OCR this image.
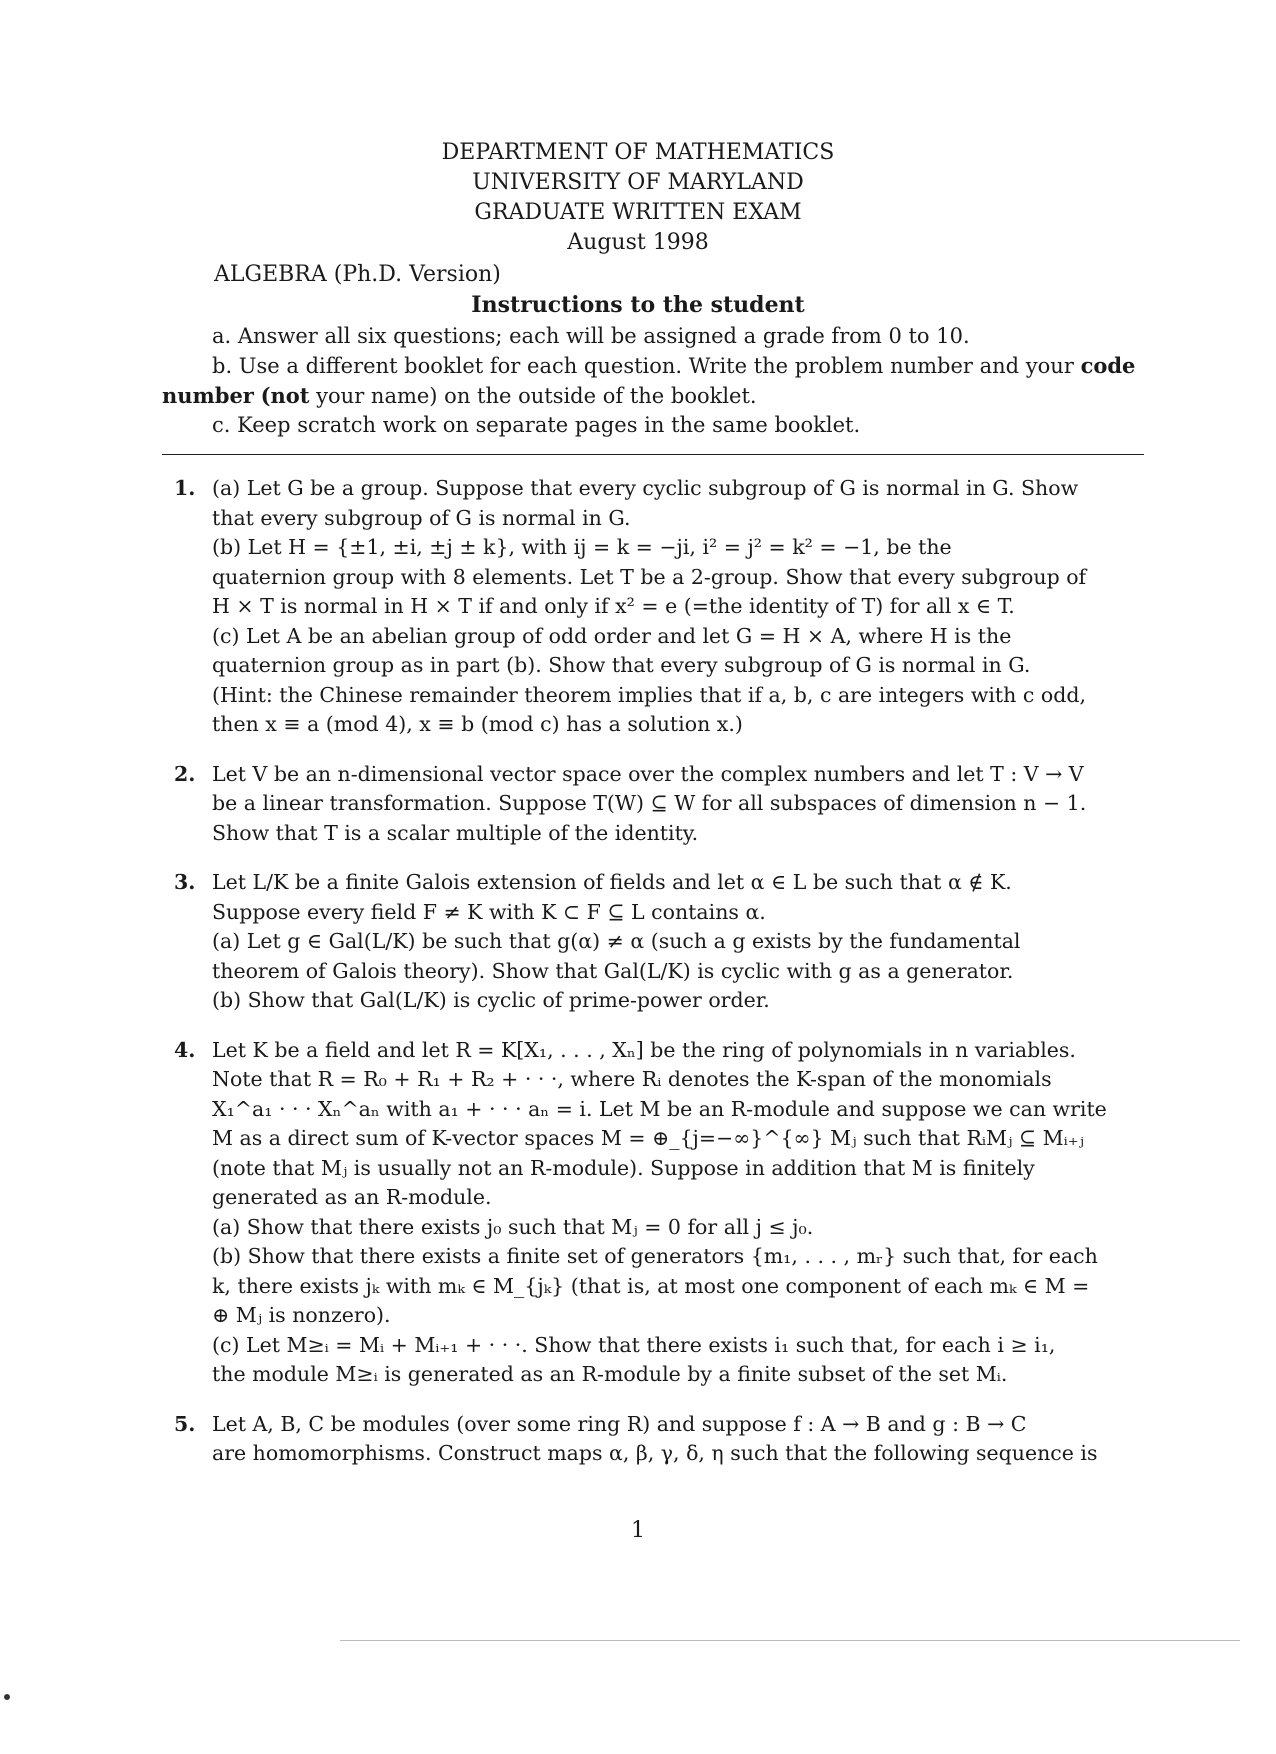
DEPARTMENT OF MATHEMATICS
UNIVERSITY OF MARYLAND
GRADUATE WRITTEN EXAM
August 1998
ALGEBRA (Ph.D. Version)
Instructions to the student

a. Answer all six questions; each will be assigned a grade from 0 to 10.

b. Use a different booklet for each question. Write the problem number and your code number (not your name) on the outside of the booklet.

c. Keep scratch work on separate pages in the same booklet.

1. (a) Let G be a group. Suppose that every cyclic subgroup of G is normal in G. Show
that every subgroup of G is normal in G.
(b) Let H = {±1, ±i, ±j ± k}, with ij = k = −ji, i² = j² = k² = −1, be the
quaternion group with 8 elements. Let T be a 2-group. Show that every subgroup of
H × T is normal in H × T if and only if x² = e (=the identity of T) for all x ∈ T.
(c) Let A be an abelian group of odd order and let G = H × A, where H is the
quaternion group as in part (b). Show that every subgroup of G is normal in G.
(Hint: the Chinese remainder theorem implies that if a, b, c are integers with c odd,
then x ≡ a (mod 4), x ≡ b (mod c) has a solution x.)
2. Let V be an n-dimensional vector space over the complex numbers and let T : V → V
be a linear transformation. Suppose T(W) ⊆ W for all subspaces of dimension n − 1.
Show that T is a scalar multiple of the identity.
3. Let L/K be a finite Galois extension of fields and let α ∈ L be such that α ∉ K.
Suppose every field F ≠ K with K ⊂ F ⊆ L contains α.
(a) Let g ∈ Gal(L/K) be such that g(α) ≠ α (such a g exists by the fundamental
theorem of Galois theory). Show that Gal(L/K) is cyclic with g as a generator.
(b) Show that Gal(L/K) is cyclic of prime-power order.
4. Let K be a field and let R = K[X₁, . . . , Xₙ] be the ring of polynomials in n variables.
Note that R = R₀ + R₁ + R₂ + · · ·, where Rᵢ denotes the K-span of the monomials
X₁^a₁ · · · Xₙ^aₙ with a₁ + · · · aₙ = i. Let M be an R-module and suppose we can write
M as a direct sum of K-vector spaces M = ⊕_{j=−∞}^{∞} Mⱼ such that RᵢMⱼ ⊆ Mᵢ₊ⱼ
(note that Mⱼ is usually not an R-module). Suppose in addition that M is finitely
generated as an R-module.
(a) Show that there exists j₀ such that Mⱼ = 0 for all j ≤ j₀.
(b) Show that there exists a finite set of generators {m₁, . . . , mᵣ} such that, for each
k, there exists jₖ with mₖ ∈ M_{jₖ} (that is, at most one component of each mₖ ∈ M =
⊕ Mⱼ is nonzero).
(c) Let M≥ᵢ = Mᵢ + Mᵢ₊₁ + · · ·. Show that there exists i₁ such that, for each i ≥ i₁,
the module M≥ᵢ is generated as an R-module by a finite subset of the set Mᵢ.
5. Let A, B, C be modules (over some ring R) and suppose f : A → B and g : B → C
are homomorphisms. Construct maps α, β, γ, δ, η such that the following sequence is
1
